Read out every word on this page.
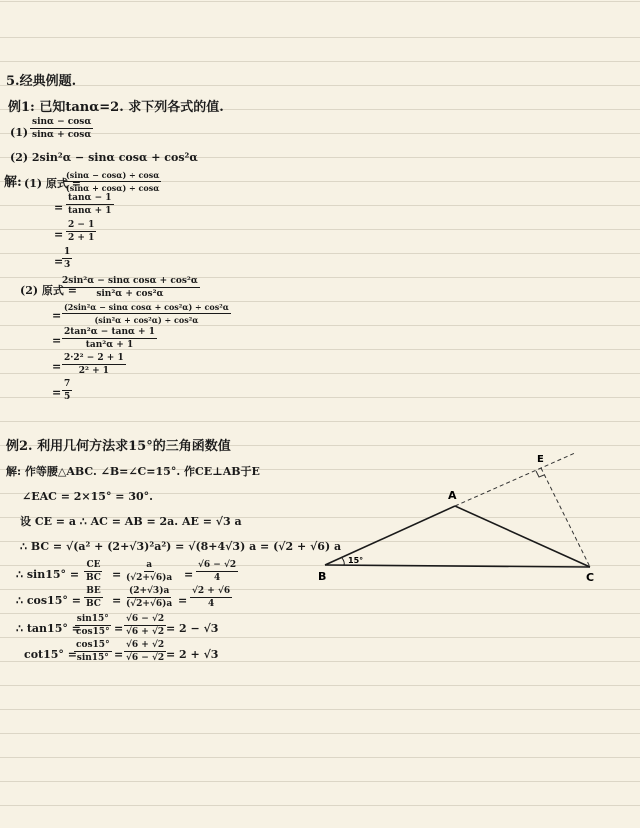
5.经典例题.
例1: 已知tanα=2. 求下列各式的值.
$(1) \frac{\sin\alpha - \cos\alpha}{\sin\alpha + \cos\alpha}$
(2) 2sin²α − sinα cosα + cos²α
解: (1) 原式 =
$\frac{(\sin\alpha - \cos\alpha) \div \cos\alpha}{(\sin\alpha + \cos\alpha) \div \cos\alpha}$
= $\frac{\tan\alpha - 1}{\tan\alpha + 1}$
= $\frac{2 - 1}{2 + 1}$
=
$\frac{1}{3}$
(2) 原式 =
$\frac{\text{2sin²α − sinα cosα + cos²α}}{\text{sin²α + cos²α}}$
= $\frac{\text{(2sin²α − sinα cosα + cos²α) ÷ cos²α}}{\text{(sin²α + cos²α) ÷ cos²α}}$
= $\frac{\text{2tan²α − tanα + 1}}{\text{tan²α + 1}}$
= $\frac{\text{2·2² − 2 + 1}}{\text{2² + 1}}$
= $\frac{7}{5}$
例2. 利用几何方法求15°的三角函数值
解: 作等腰△ABC. ∠B=∠C=15°. 作CE⊥AB于E
∠EAC = 2×15° = 30°.
设 CE = a ∴ AC = AB = 2a. AE = √3 a
∴ BC = √(a² + (2+√3)²a²) = √(8+4√3) a = (√2 + √6) a
∴ $\sin 15^\circ = \frac{CE}{BC} = \frac{a}{(√2+√6)a} = \frac{√6 - √2}{4}$
∴ $\cos 15^\circ = \frac{BE}{BC} = \frac{(2+√3)a}{(√2+√6)a} = \frac{√2 + √6}{4}$
∴ tan15° =
$\frac{\sin 15^\circ}{\cos 15^\circ} = \frac{√6 - √2}{√6 + √2} = 2 - √3$
cot15° =
$\frac{\cos 15^\circ}{\sin 15^\circ} = \frac{√6 + √2}{√6 - √2} = 2 + √3$
15°
A
B	C
E
